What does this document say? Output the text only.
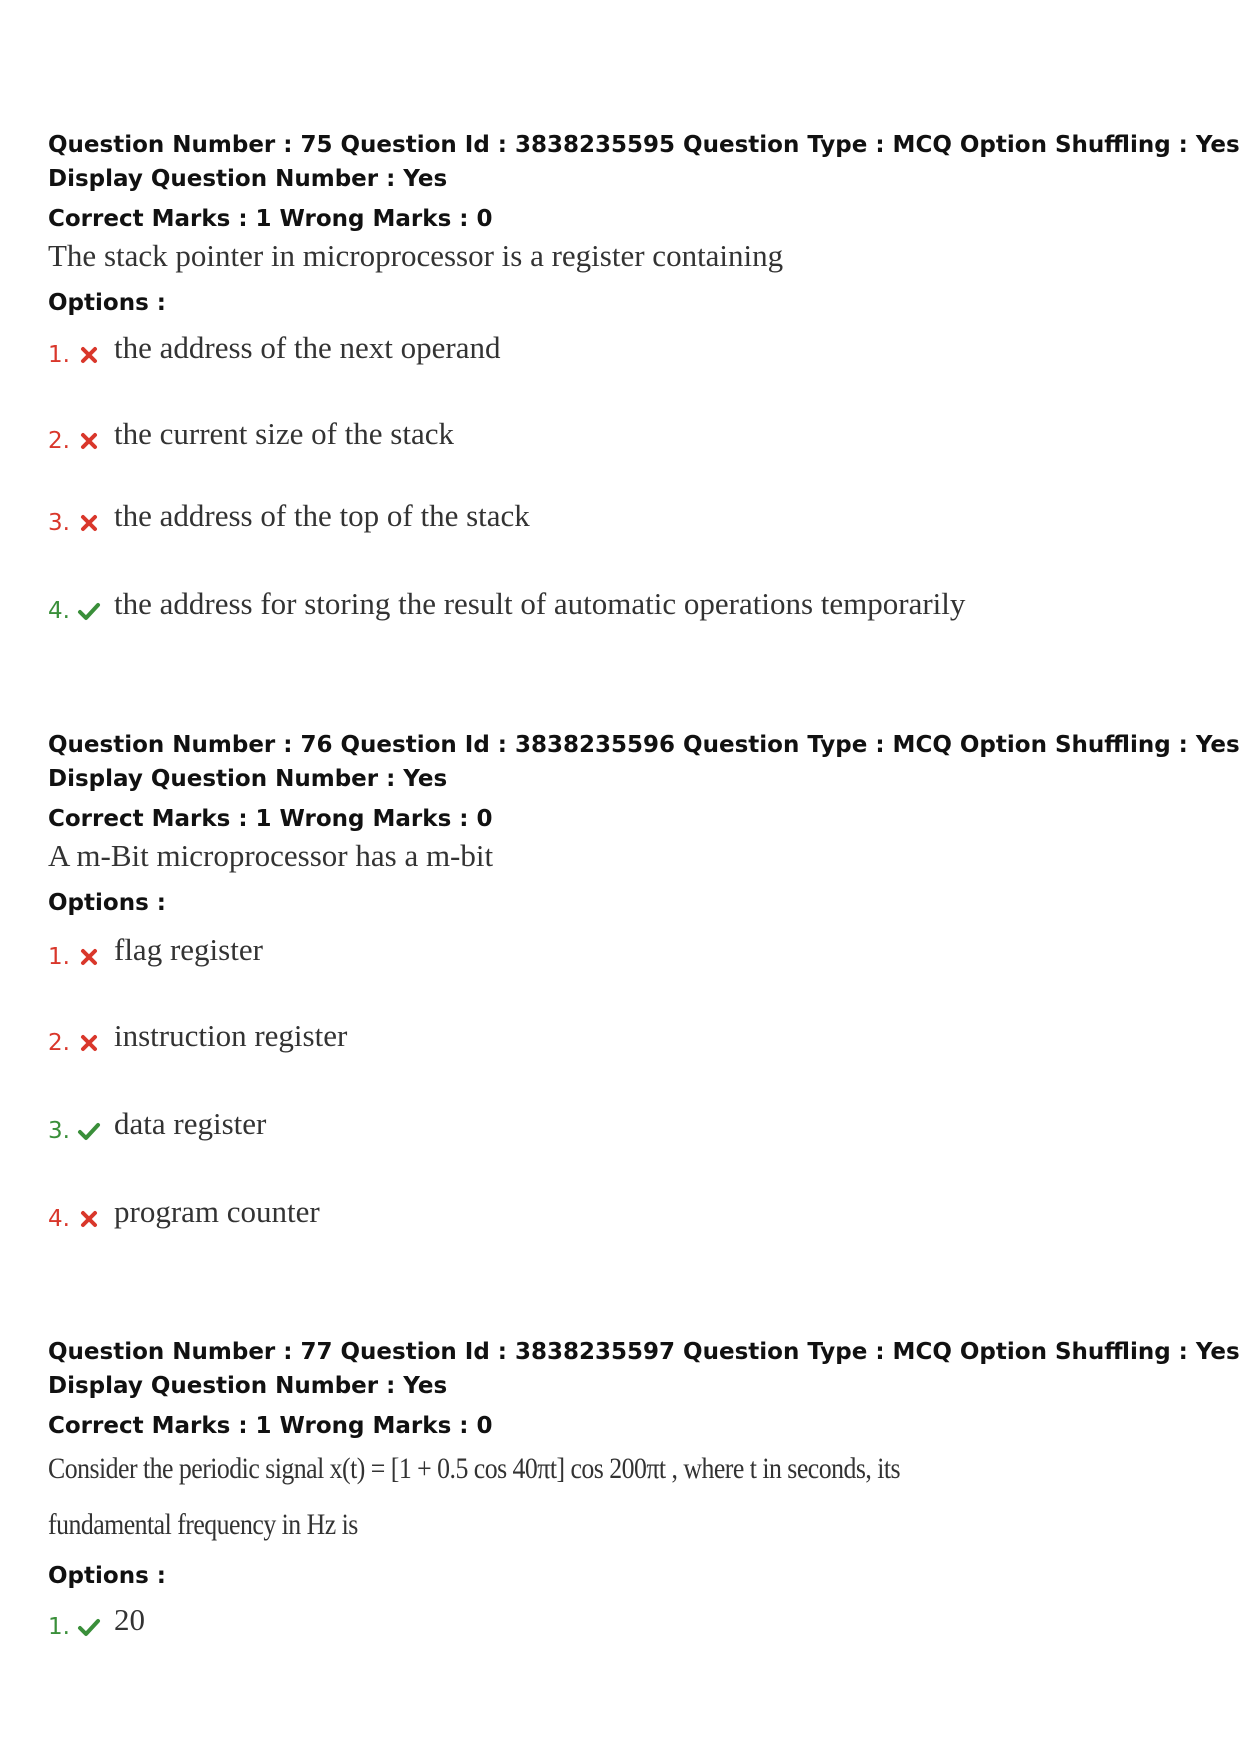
Question Number : 75 Question Id : 3838235595 Question Type : MCQ Option Shuffling : Yes
Display Question Number : Yes
Correct Marks : 1 Wrong Marks : 0
The stack pointer in microprocessor is a register containing
Options :
1. the address of the next operand
2. the current size of the stack
3. the address of the top of the stack
4. the address for storing the result of automatic operations temporarily
Question Number : 76 Question Id : 3838235596 Question Type : MCQ Option Shuffling : Yes
Display Question Number : Yes
Correct Marks : 1 Wrong Marks : 0
A m-Bit microprocessor has a m-bit
Options :
1. flag register
2. instruction register
3. data register
4. program counter
Question Number : 77 Question Id : 3838235597 Question Type : MCQ Option Shuffling : Yes
Display Question Number : Yes
Correct Marks : 1 Wrong Marks : 0
Consider the periodic signal x(t) = [1 + 0.5 cos 40πt] cos 200πt , where t in seconds, its
fundamental frequency in Hz is
Options :
1. 20
